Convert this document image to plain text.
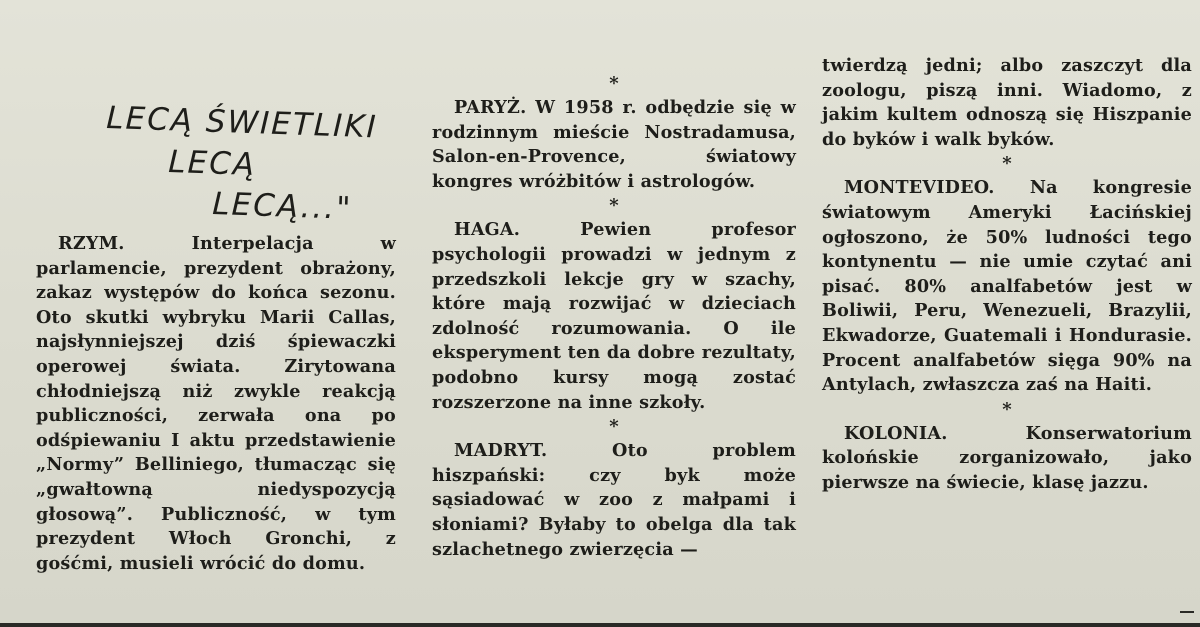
LECĄ ŚWIETLIKI
LECĄ
LECĄ..."

RZYM.	Interpelacja w parlamencie, prezydent obrażony, zakaz występów do końca sezonu. Oto skutki wybryku Marii Callas, najsłynniejszej dziś śpiewaczki operowej świata. Zirytowana chłodniejszą niż zwykle reakcją publiczności, zerwała ona po odśpiewaniu I aktu przedstawienie „Normy” Belliniego, tłumacząc się „gwałtowną niedyspozycją głosową”. Publiczność, w tym prezydent Włoch Gronchi, z gośćmi, musieli wrócić do domu.

*

PARYŻ. W 1958 r. odbędzie się w rodzinnym mieście Nostradamusa, Salon-en-Provence, światowy kongres wróżbitów i astrologów.

*

HAGA.	Pewien profesor psychologii prowadzi w jednym z przedszkoli lekcje gry w szachy, które mają rozwijać w dzieciach zdolność rozumowania. O ile eksperyment ten da dobre rezultaty, podobno kursy mogą zostać rozszerzone na inne szkoły.

*

MADRYT.	Oto problem hiszpański: czy byk może sąsiadować w zoo z małpami i słoniami? Byłaby to obelga dla tak szlachetnego zwierzęcia —

twierdzą jedni; albo zaszczyt dla zoologu, piszą inni. Wiadomo, z jakim kultem odnoszą się Hiszpanie do byków i walk byków.

*

MONTEVIDEO. Na kongresie światowym Ameryki Łacińskiej ogłoszono, że 50% ludności tego kontynentu — nie umie czytać ani pisać. 80% analfabetów jest w Boliwii, Peru, Wenezueli, Brazylii, Ekwadorze, Guatemali i Hondurasie. Procent analfabetów sięga 90% na Antylach, zwłaszcza zaś na Haiti.

*

KOLONIA.	Konserwatorium kolońskie zorganizowało, jako pierwsze na świecie, klasę jazzu.
